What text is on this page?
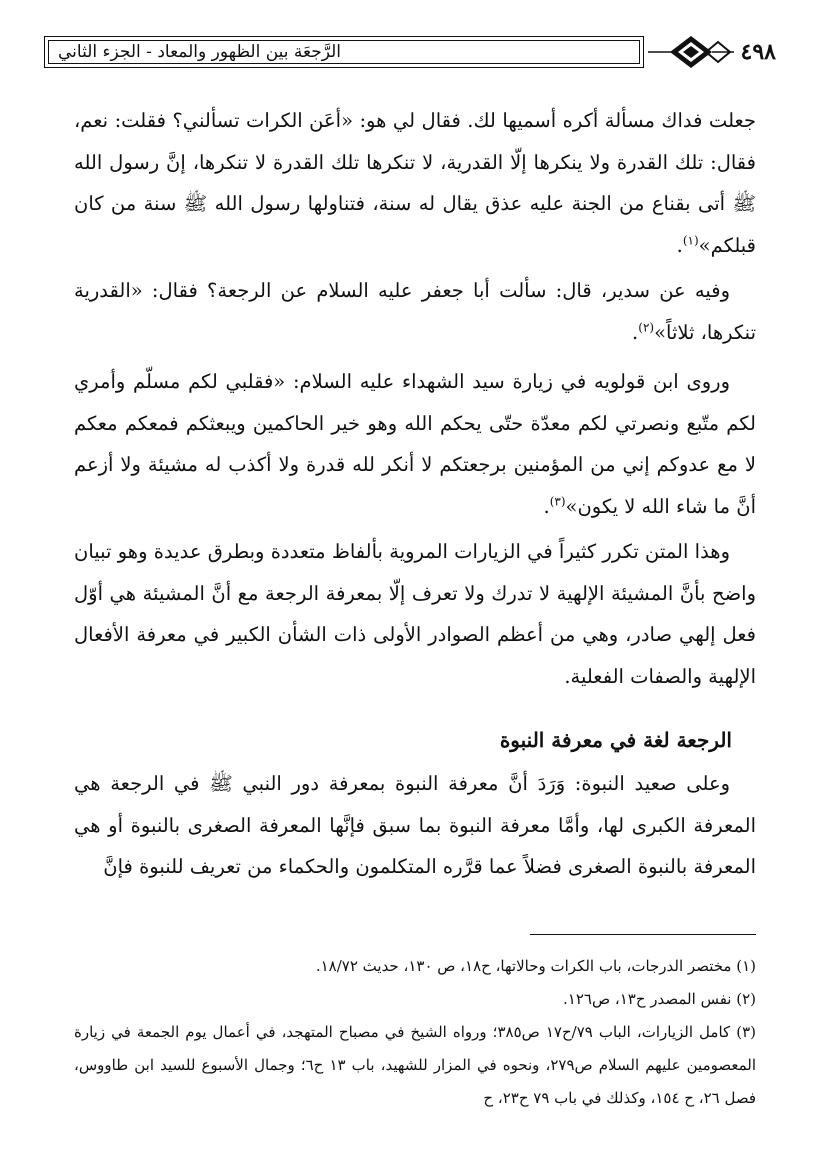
الرَّجعَة بين الظهور والمعاد - الجزء الثاني	٤٩٨

جعلت فداك مسألة أكره أسميها لك. فقال لي هو: «أعَن الكرات تسألني؟ فقلت: نعم، فقال: تلك القدرة ولا ينكرها إلّا القدرية، لا تنكرها تلك القدرة لا تنكرها، إنَّ رسول الله ﷺ أتى بقناع من الجنة عليه عذق يقال له سنة، فتناولها رسول الله ﷺ سنة من كان قبلكم»$^{(١)}$.

وفيه عن سدير، قال: سألت أبا جعفر عليه السلام عن الرجعة؟ فقال: «القدرية تنكرها، ثلاثاً»$^{(٢)}$.

وروى ابن قولويه في زيارة سيد الشهداء عليه السلام: «فقلبي لكم مسلّم وأمري لكم متّبع ونصرتي لكم معدّة حتّى يحكم الله وهو خير الحاكمين ويبعثكم فمعكم معكم لا مع عدوكم إني من المؤمنين برجعتكم لا أنكر لله قدرة ولا أكذب له مشيئة ولا أزعم أنَّ ما شاء الله لا يكون»$^{(٣)}$.

وهذا المتن تكرر كثيراً في الزيارات المروية بألفاظ متعددة وبطرق عديدة وهو تبيان واضح بأنَّ المشيئة الإلهية لا تدرك ولا تعرف إلّا بمعرفة الرجعة مع أنَّ المشيئة هي أوّل فعل إلهي صادر، وهي من أعظم الصوادر الأولى ذات الشأن الكبير في معرفة الأفعال الإلهية والصفات الفعلية.

الرجعة لغة في معرفة النبوة

وعلى صعيد النبوة: وَرَدَ أنَّ معرفة النبوة بمعرفة دور النبي ﷺ في الرجعة هي المعرفة الكبرى لها، وأمَّا معرفة النبوة بما سبق فإنَّها المعرفة الصغرى بالنبوة أو هي المعرفة بالنبوة الصغرى فضلاً عما قرَّره المتكلمون والحكماء من تعريف للنبوة فإنَّ

(١) مختصر الدرجات، باب الكرات وحالاتها، ح١٨، ص ١٣٠، حديث ١٨/٧٢.

(٢) نفس المصدر ح١٣، ص١٢٦.

(٣) كامل الزيارات، الباب ٧٩/ح١٧ ص٣٨٥؛ ورواه الشيخ في مصباح المتهجد، في أعمال يوم الجمعة في زيارة المعصومين عليهم السلام ص٢٧٩، ونحوه في المزار للشهيد، باب ١٣ ح٦؛ وجمال الأسبوع للسيد ابن طاووس، فصل ٢٦، ح ١٥٤، وكذلك في باب ٧٩ ح٢٣، ح
